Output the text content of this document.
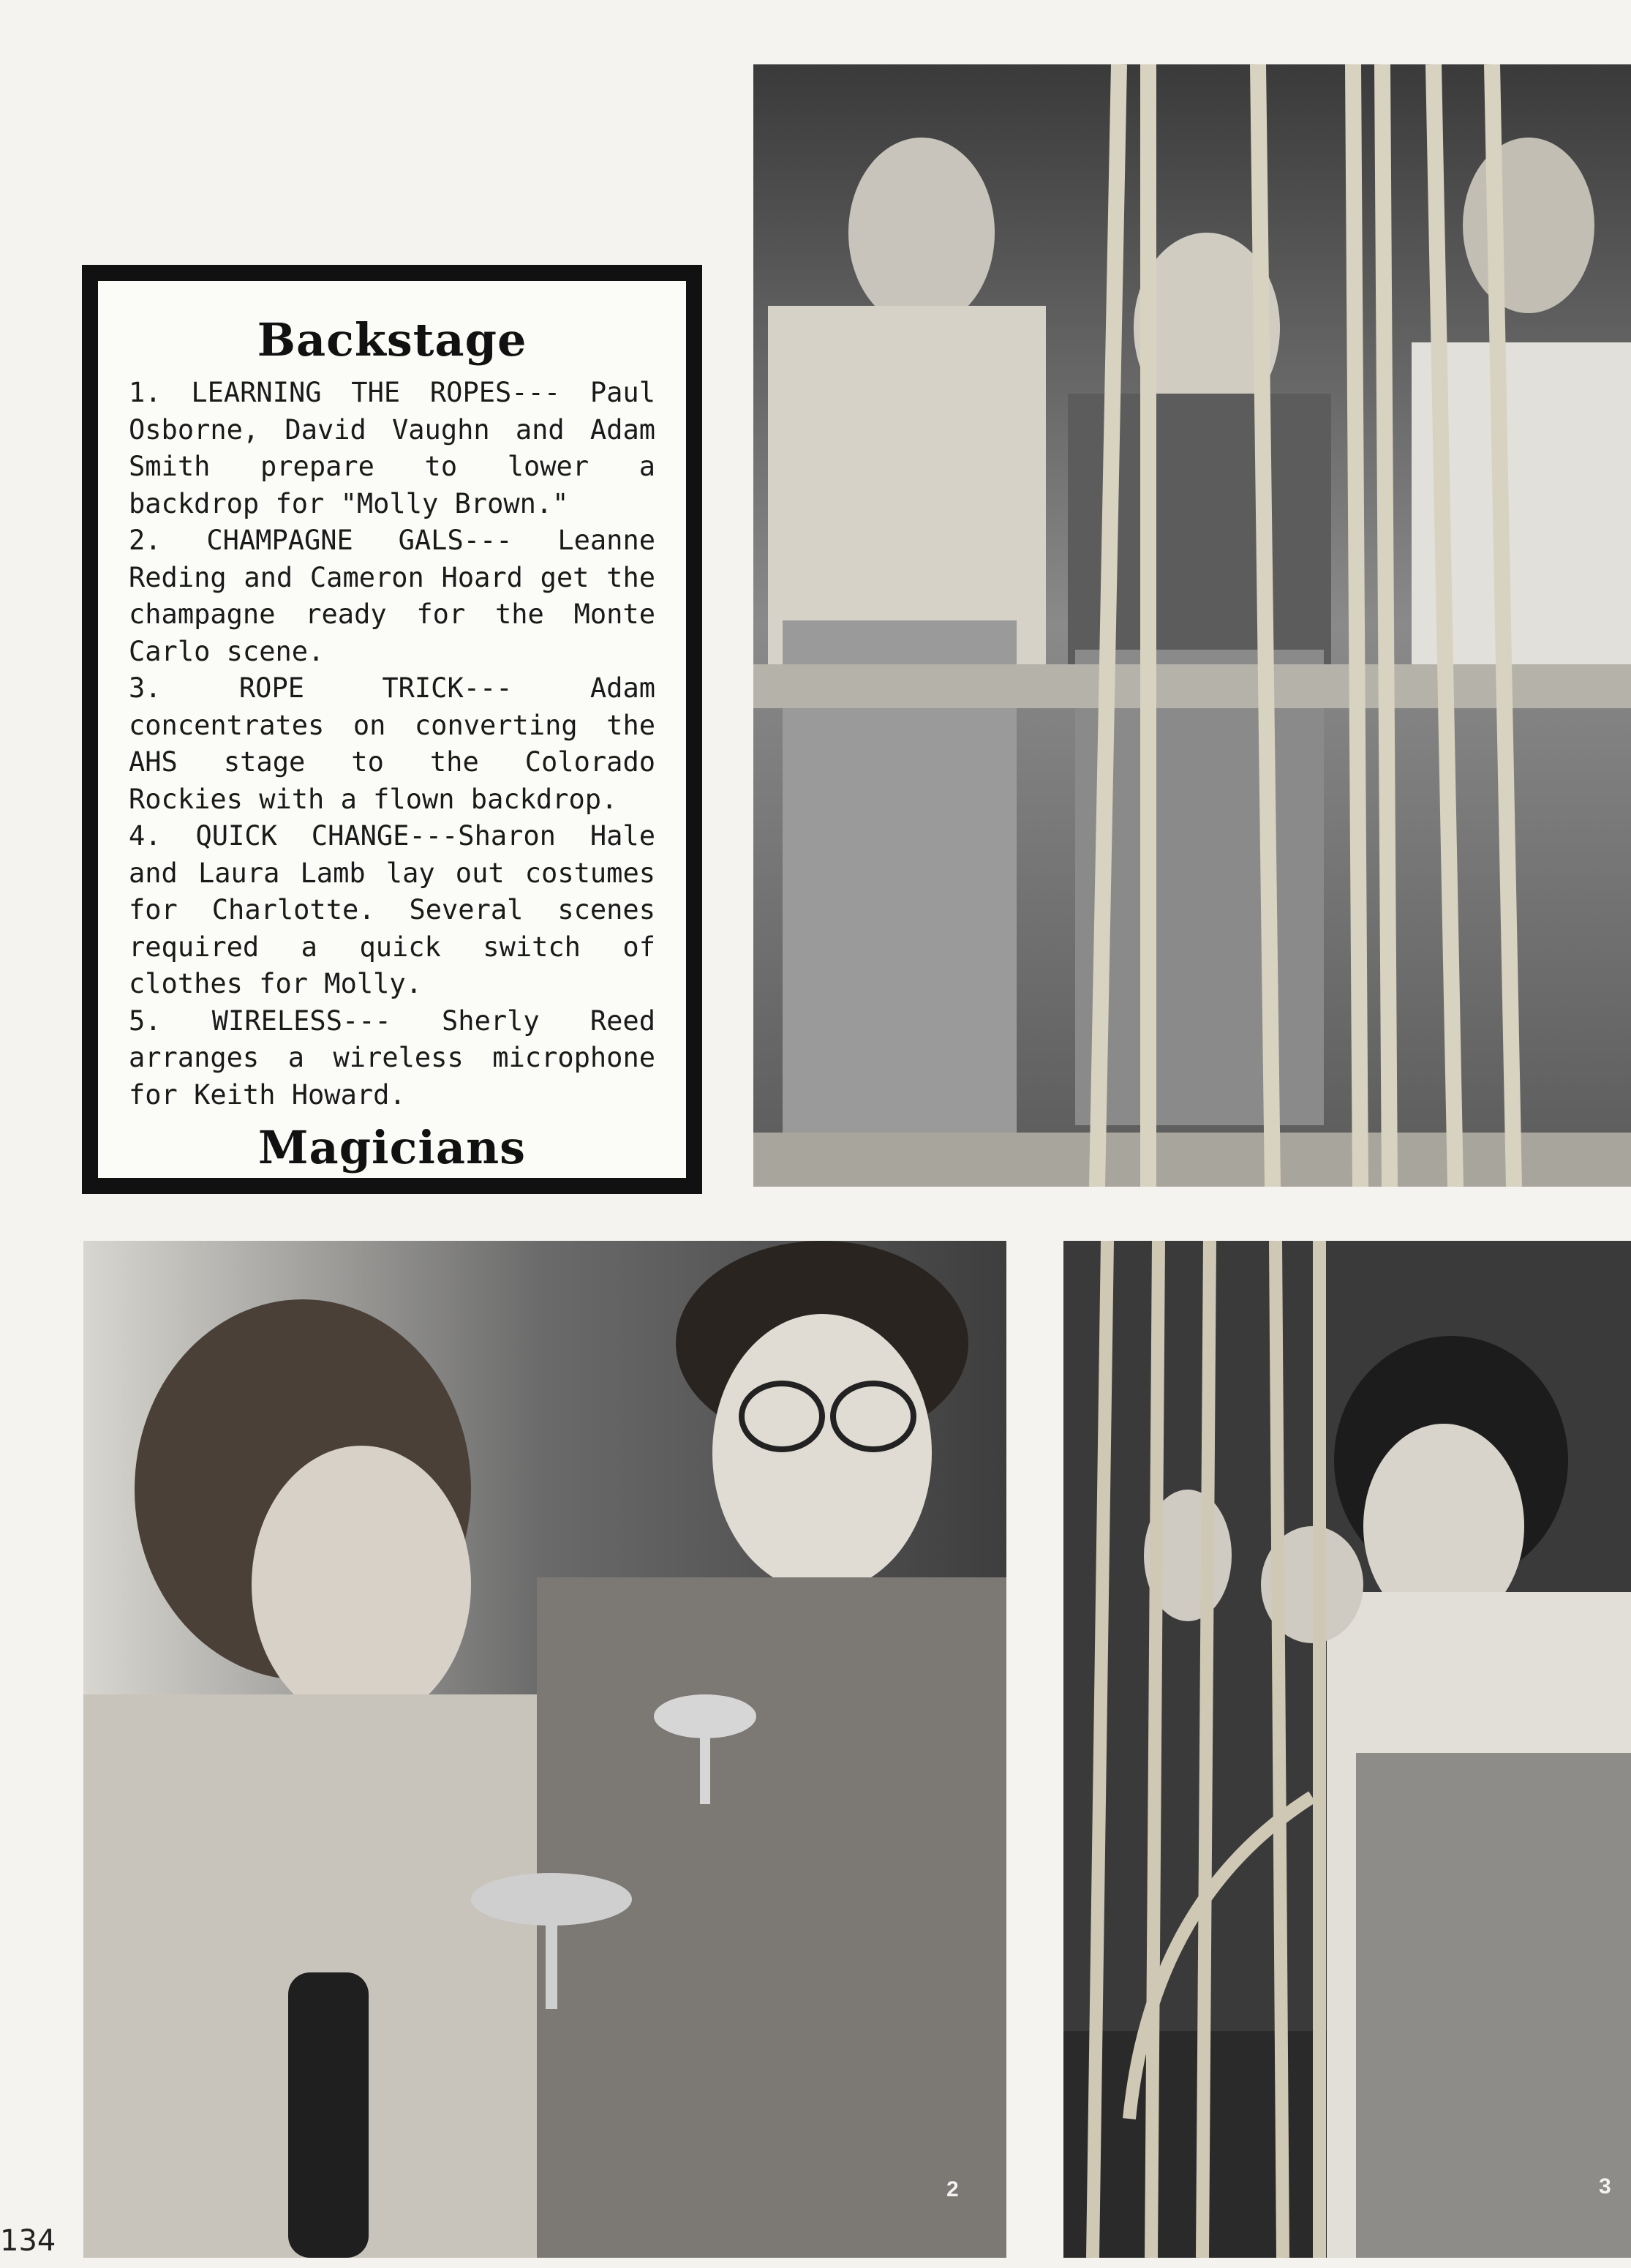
Backstage

1. LEARNING THE ROPES--- Paul Osborne, David Vaughn and Adam Smith prepare to lower a backdrop for "Molly Brown."

2. CHAMPAGNE GALS--- Leanne Reding and Cameron Hoard get the champagne ready for the Monte Carlo scene.

3. ROPE TRICK--- Adam concentrates on converting the AHS stage to the Colorado Rockies with a flown backdrop.

4. QUICK CHANGE---Sharon Hale and Laura Lamb lay out costumes for Charlotte. Several scenes required a quick switch of clothes for Molly.

5. WIRELESS--- Sherly Reed arranges a wireless microphone for Keith Howard.

Magicians
2	3
134
